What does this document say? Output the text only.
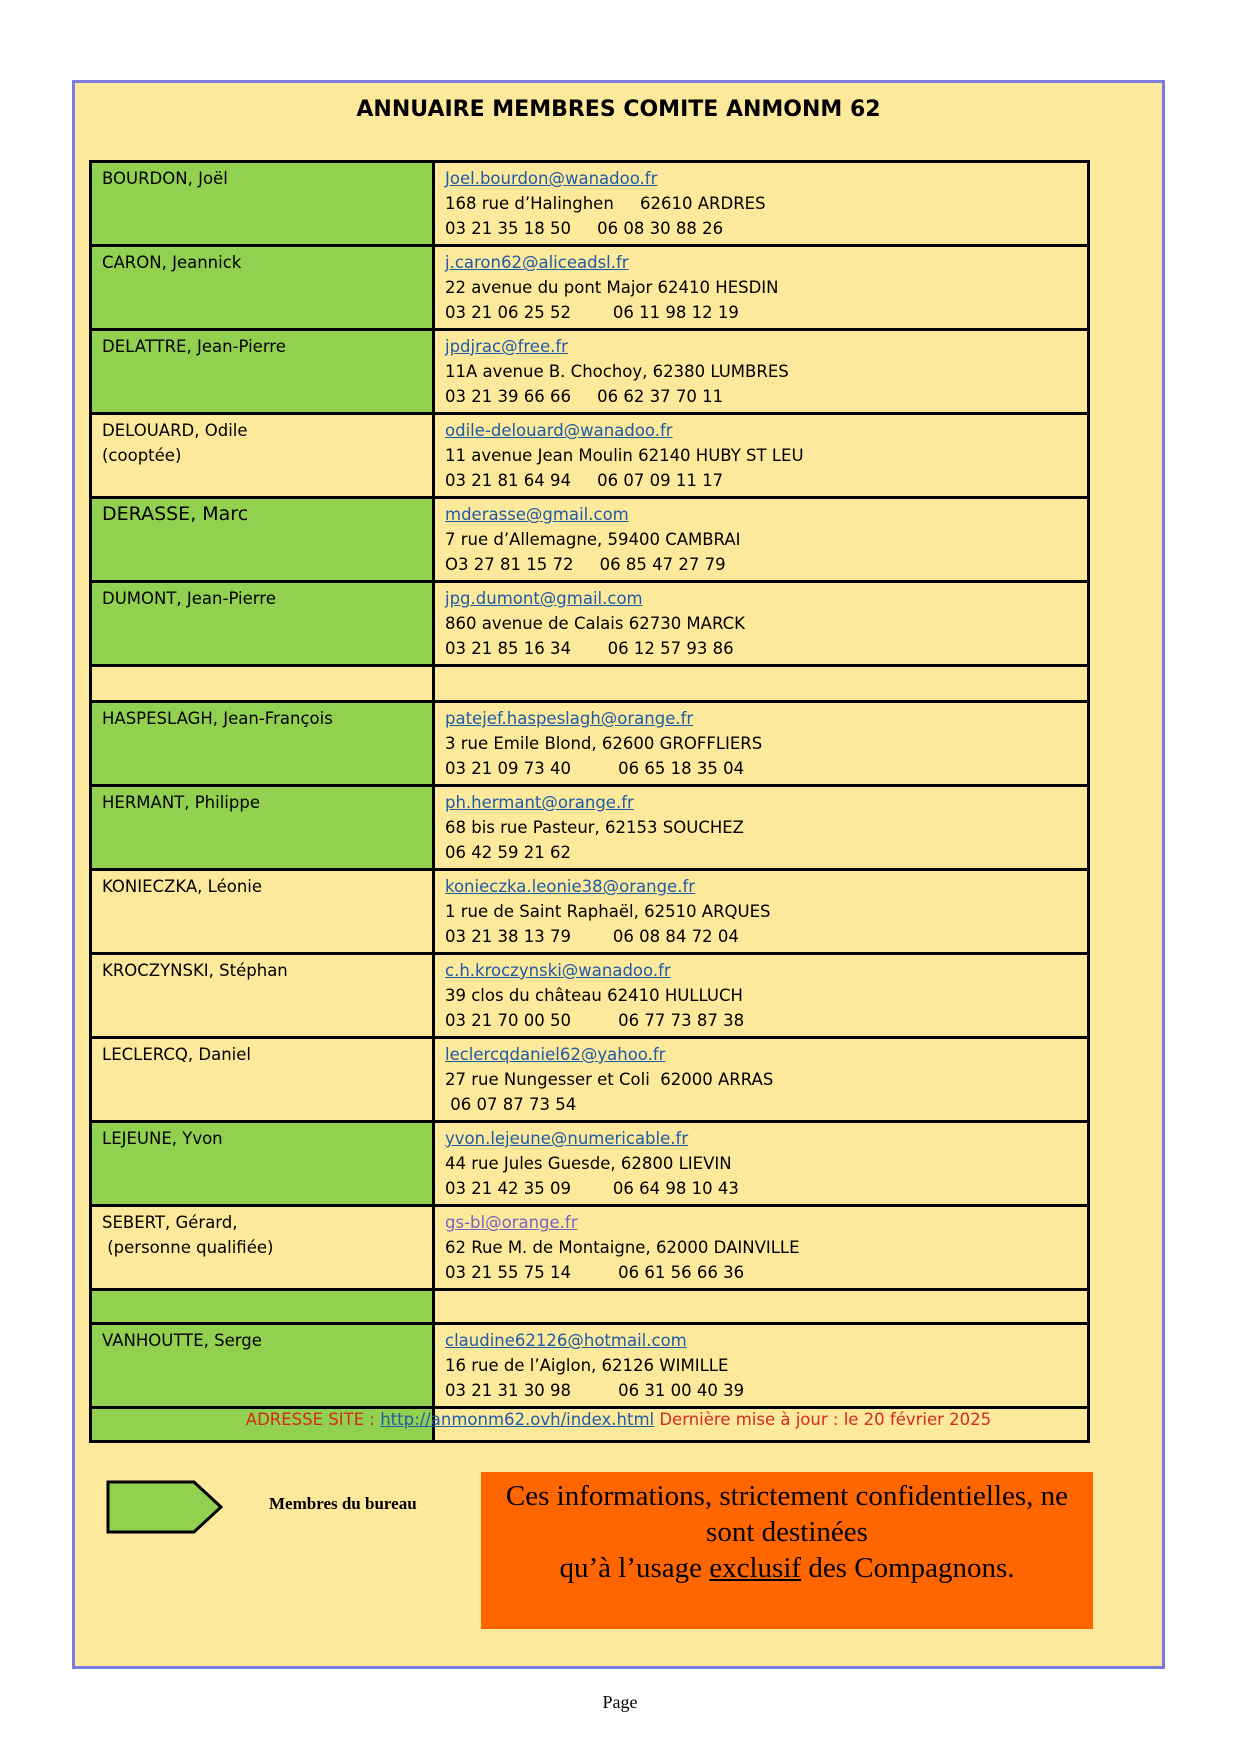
ANNUAIRE MEMBRES COMITE ANMONM 62
BOURDON, Joël	Joel.bourdon@wanadoo.fr
168 rue d’Halinghen     62610 ARDRES
03 21 35 18 50     06 08 30 88 26

CARON, Jeannick	j.caron62@aliceadsl.fr
22 avenue du pont Major 62410 HESDIN
03 21 06 25 52        06 11 98 12 19

DELATTRE, Jean-Pierre	jpdjrac@free.fr
11A avenue B. Chochoy, 62380 LUMBRES
03 21 39 66 66     06 62 37 70 11

DELOUARD, Odile
(cooptée)	odile-delouard@wanadoo.fr
11 avenue Jean Moulin 62140 HUBY ST LEU
03 21 81 64 94     06 07 09 11 17

DERASSE, Marc	mderasse@gmail.com
7 rue d’Allemagne, 59400 CAMBRAI
O3 27 81 15 72     06 85 47 27 79

DUMONT, Jean-Pierre	jpg.dumont@gmail.com
860 avenue de Calais 62730 MARCK
03 21 85 16 34       06 12 57 93 86

HASPESLAGH, Jean-François	patejef.haspeslagh@orange.fr
3 rue Emile Blond, 62600 GROFFLIERS
03 21 09 73 40         06 65 18 35 04

HERMANT, Philippe	ph.hermant@orange.fr
68 bis rue Pasteur, 62153 SOUCHEZ
06 42 59 21 62

KONIECZKA, Léonie	konieczka.leonie38@orange.fr
1 rue de Saint Raphaël, 62510 ARQUES
03 21 38 13 79        06 08 84 72 04

KROCZYNSKI, Stéphan	c.h.kroczynski@wanadoo.fr
39 clos du château 62410 HULLUCH
03 21 70 00 50         06 77 73 87 38

LECLERCQ, Daniel	leclercqdaniel62@yahoo.fr
27 rue Nungesser et Coli  62000 ARRAS
06 07 87 73 54

LEJEUNE, Yvon	yvon.lejeune@numericable.fr
44 rue Jules Guesde, 62800 LIEVIN
03 21 42 35 09        06 64 98 10 43

SEBERT, Gérard,
(personne qualifiée)	gs-bl@orange.fr
62 Rue M. de Montaigne, 62000 DAINVILLE
03 21 55 75 14         06 61 56 66 36

VANHOUTTE, Serge	claudine62126@hotmail.com
16 rue de l’Aiglon, 62126 WIMILLE
03 21 31 30 98         06 31 00 40 39

ADRESSE SITE : http://anmonm62.ovh/index.html Dernière mise à jour : le 20 février 2025
Membres du bureau	Ces informations, strictement confidentielles, ne
sont destinées
qu’à l’usage exclusif des Compagnons.
Page
